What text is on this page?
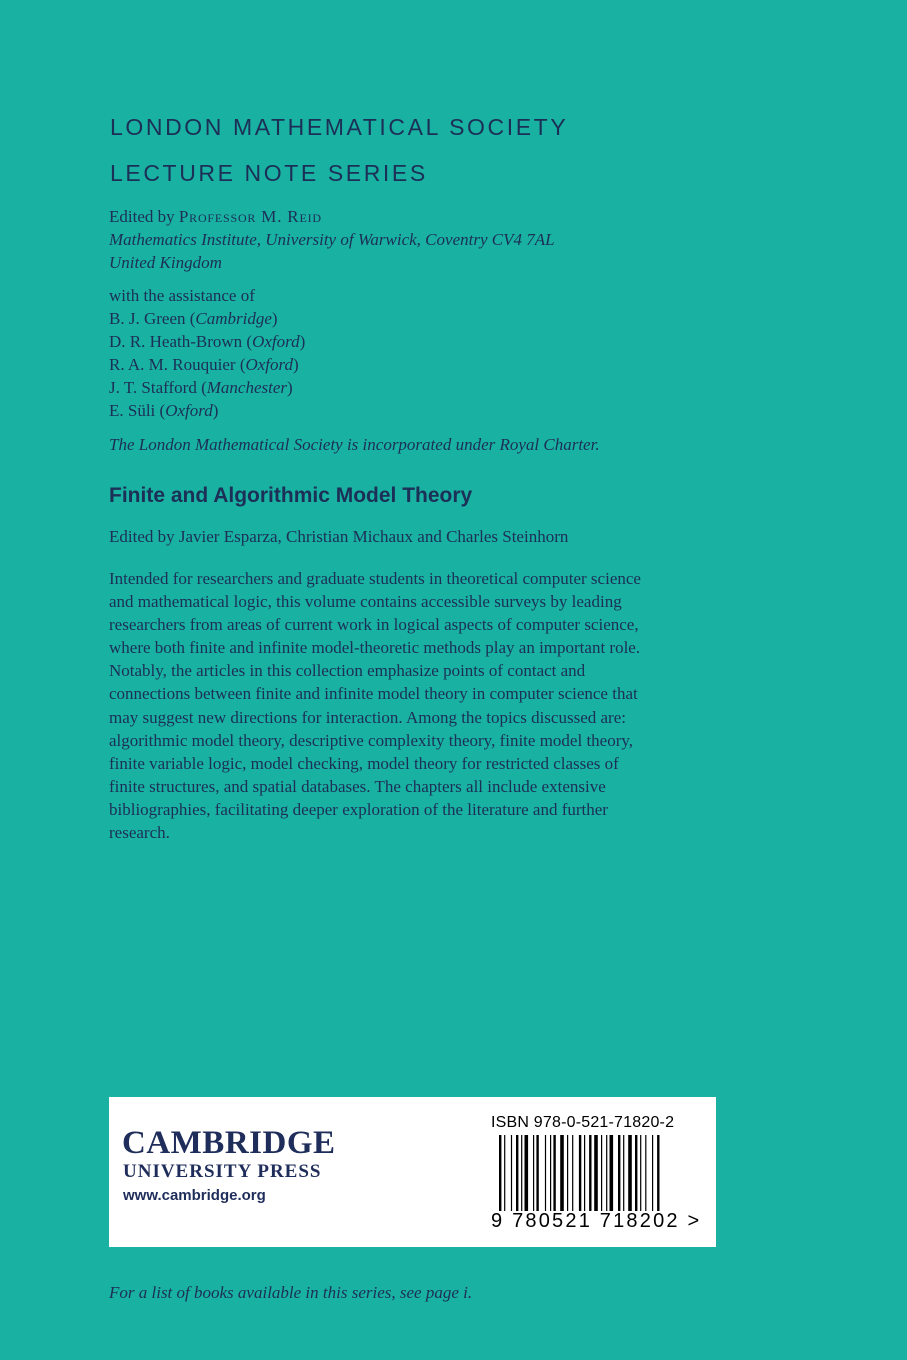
LONDON MATHEMATICAL SOCIETY
LECTURE NOTE SERIES
Edited by Professor M. Reid
Mathematics Institute, University of Warwick, Coventry CV4 7AL
United Kingdom
with the assistance of
B. J. Green (Cambridge)
D. R. Heath-Brown (Oxford)
R. A. M. Rouquier (Oxford)
J. T. Stafford (Manchester)
E. Süli (Oxford)
The London Mathematical Society is incorporated under Royal Charter.
Finite and Algorithmic Model Theory
Edited by Javier Esparza, Christian Michaux and Charles Steinhorn
Intended for researchers and graduate students in theoretical computer science
and mathematical logic, this volume contains accessible surveys by leading
researchers from areas of current work in logical aspects of computer science,
where both finite and infinite model-theoretic methods play an important role.
Notably, the articles in this collection emphasize points of contact and
connections between finite and infinite model theory in computer science that
may suggest new directions for interaction. Among the topics discussed are:
algorithmic model theory, descriptive complexity theory, finite model theory,
finite variable logic, model checking, model theory for restricted classes of
finite structures, and spatial databases. The chapters all include extensive
bibliographies, facilitating deeper exploration of the literature and further
research.
CAMBRIDGE
UNIVERSITY PRESS
www.cambridge.org
ISBN 978-0-521-71820-2
9 780521 718202 >
For a list of books available in this series, see page i.
